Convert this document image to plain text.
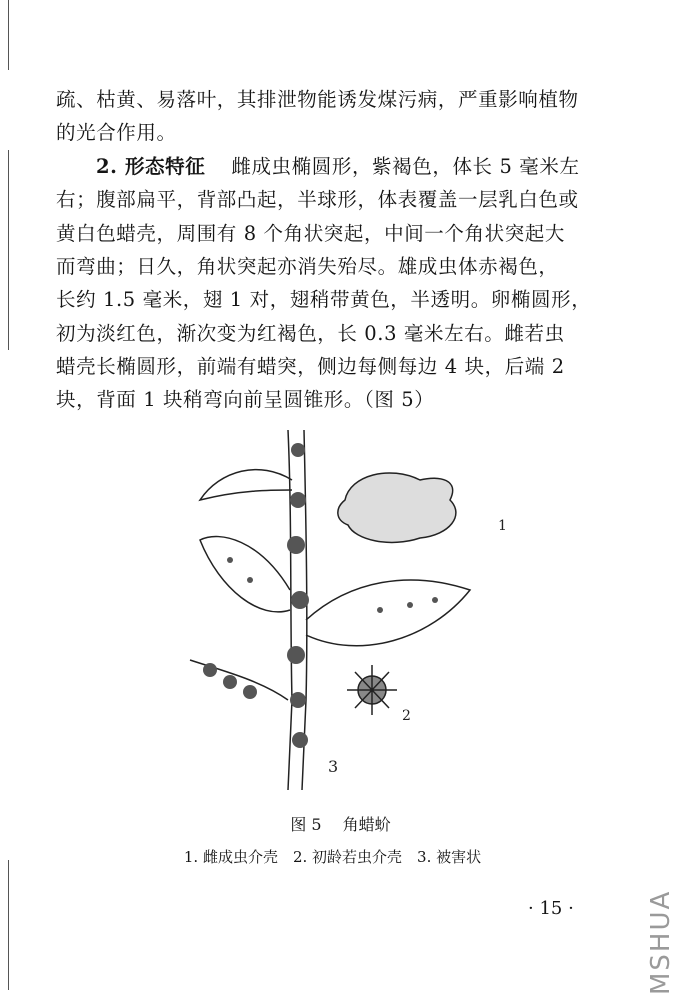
疏、枯黄、易落叶，其排泄物能诱发煤污病，严重影响植物
的光合作用。
2. 形态特征 雌成虫椭圆形，紫褐色，体长 5 毫米左
右；腹部扁平，背部凸起，半球形，体表覆盖一层乳白色或
黄白色蜡壳，周围有 8 个角状突起，中间一个角状突起大
而弯曲；日久，角状突起亦消失殆尽。雄成虫体赤褐色，
长约 1.5 毫米，翅 1 对，翅稍带黄色，半透明。卵椭圆形，
初为淡红色，渐次变为红褐色，长 0.3 毫米左右。雌若虫
蜡壳长椭圆形，前端有蜡突，侧边每侧每边 4 块，后端 2
块，背面 1 块稍弯向前呈圆锥形。（图 5）
1
2
3
图 5　 角蜡蚧
1. 雌成虫介壳　2. 初龄若虫介壳　3. 被害状
· 15 ·	MSHUA
